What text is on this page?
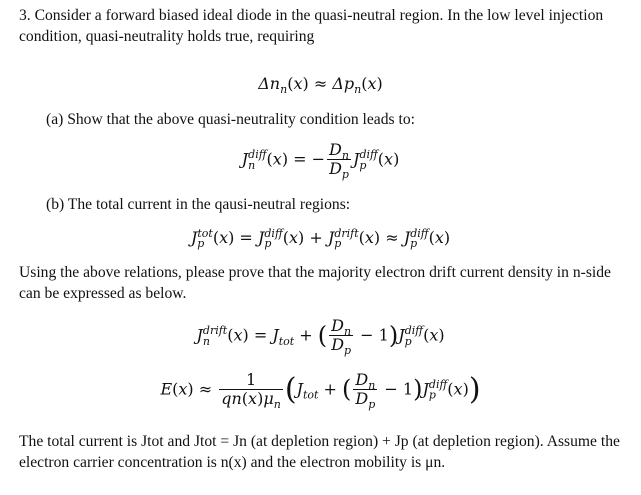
3. Consider a forward biased ideal diode in the quasi-neutral region. In the low level injection condition, quasi-neutrality holds true, requiring

$\Delta n_n(x) \approx \Delta p_n(x)$

(a) Show that the above quasi-neutrality condition leads to:

$J_n^{diff}(x)$ = − $\frac{D_n}{D_p} J_p^{diff}(x)$

(b) The total current in the qausi-neutral regions:

$J_p^{tot}(x) = J_p^{diff}(x) + J_p^{drift}(x) \approx J_p^{diff}(x)$

Using the above relations, please prove that the majority electron drift current density in n-side can be expressed as below.

$J_n^{drift}(x) = J_{tot}$ + ( $\frac{D_n}{D_p} - 1)J_p^{diff}(x)$
$E(x) \approx \frac{1}{qn(x)\mu_n} (J_{tot}$ + ( $\frac{D_n}{D_p} - 1)J_p^{diff}(x)$)

The total current is Jtot and Jtot = Jn (at depletion region) + Jp (at depletion region). Assume the electron carrier concentration is n(x) and the electron mobility is μn.
